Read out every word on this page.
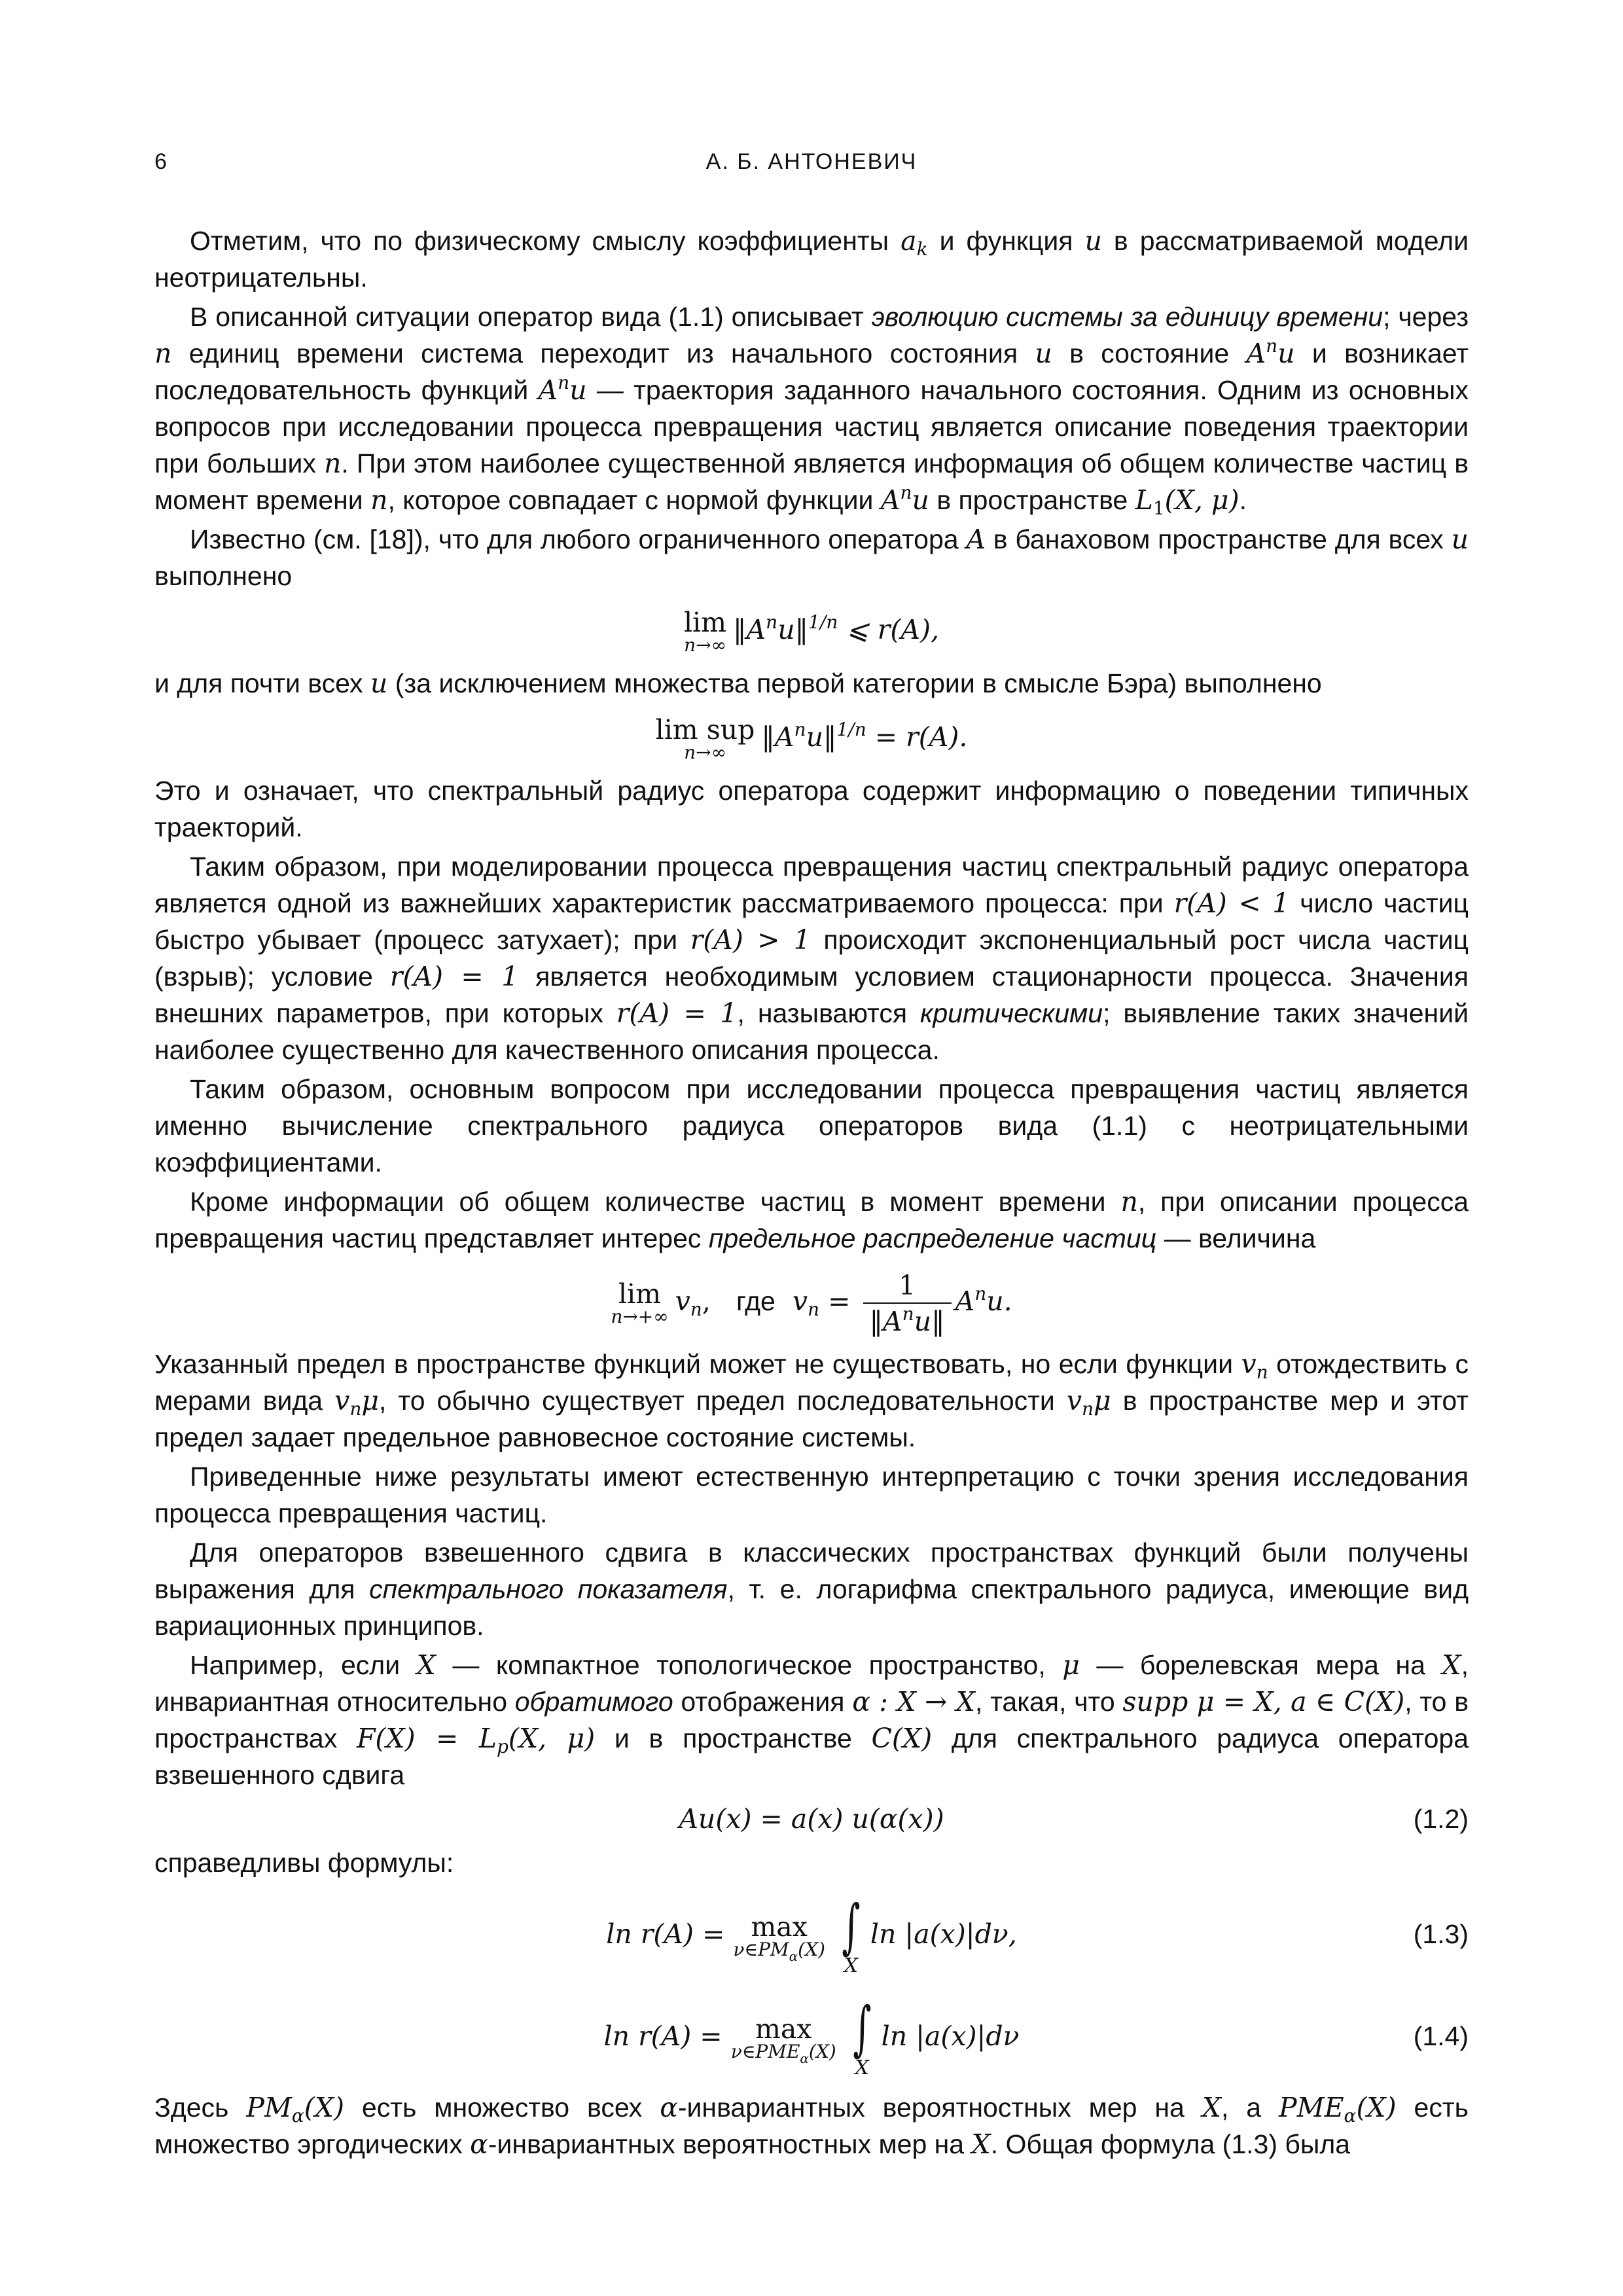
6	А. Б. АНТОНЕВИЧ

Отметим, что по физическому смыслу коэффициенты $a_k$ и функция u в рассматриваемой модели неотрицательны.

В описанной ситуации оператор вида (1.1) описывает эволюцию системы за единицу времени; через n единиц времени система переходит из начального состояния u в состояние $A^nu$ и возникает последовательность функций $A^nu$ — траектория заданного начального состояния. Одним из основных вопросов при исследовании процесса превращения частиц является описание поведения траектории при больших n. При этом наиболее существенной является информация об общем количестве частиц в момент времени n, которое совпадает с нормой функции $A^nu$ в пространстве $L_1(X$, μ).

Известно (см. [18]), что для любого ограниченного оператора A в банаховом пространстве для всех u выполнено

lim
n→∞ $‖A^nu‖^{1/n}$ ⩽ r(A),

и для почти всех u (за исключением множества первой категории в смысле Бэра) выполнено

lim sup
n→∞	$‖A^nu‖^{1/n} = r(A)$.

Это и означает, что спектральный радиус оператора содержит информацию о поведении типичных траекторий.

Таким образом, при моделировании процесса превращения частиц спектральный радиус оператора является одной из важнейших характеристик рассматриваемого процесса: при r(A) < 1 число частиц быстро убывает (процесс затухает); при r(A) > 1 происходит экспоненциальный рост числа частиц (взрыв); условие r(A) = 1 является необходимым условием стационарности процесса. Значения внешних параметров, при которых r(A) = 1, называются критическими; выявление таких значений наиболее существенно для качественного описания процесса.

Таким образом, основным вопросом при исследовании процесса превращения частиц является именно вычисление спектрального радиуса операторов вида (1.1) с неотрицательными коэффициентами.

Кроме информации об общем количестве частиц в момент времени n, при описании процесса превращения частиц представляет интерес предельное распределение частиц — величина

lim
n→+∞ $v_n$,   где $v_n = \frac{1}{‖A^nu‖} A^nu$.

Указанный предел в пространстве функций может не существовать, но если функции $v_n$ отождествить с мерами вида $v_n\mu$, то обычно существует предел последовательности $v_n\mu$ в пространстве мер и этот предел задает предельное равновесное состояние системы.

Приведенные ниже результаты имеют естественную интерпретацию с точки зрения исследования процесса превращения частиц.

Для операторов взвешенного сдвига в классических пространствах функций были получены выражения для спектрального показателя, т. е. логарифма спектрального радиуса, имеющие вид вариационных принципов.

Например, если X — компактное топологическое пространство, μ — борелевская мера на X, инвариантная относительно обратимого отображения α : X → X, такая, что supp μ = X, a ∈ C(X), то в пространствах $F(X) = L_p(X$, μ) и в пространстве C(X) для спектрального радиуса оператора взвешенного сдвига

Au(x) = a(x) u(α(x))	(1.2)

справедливы формулы:

ln r(A) = max
$\nu\in PM_\alpha(X)$ ∫
X
ln |a(x)|dν,	(1.3)
ln r(A) = max
$\nu\in PME_\alpha(X)$ ∫
X
ln |a(x)|dν	(1.4)

Здесь $PM_\alpha(X)$ есть множество всех α-инвариантных вероятностных мер на X, а $PME_\alpha(X)$ есть множество эргодических α-инвариантных вероятностных мер на X. Общая формула (1.3) была
